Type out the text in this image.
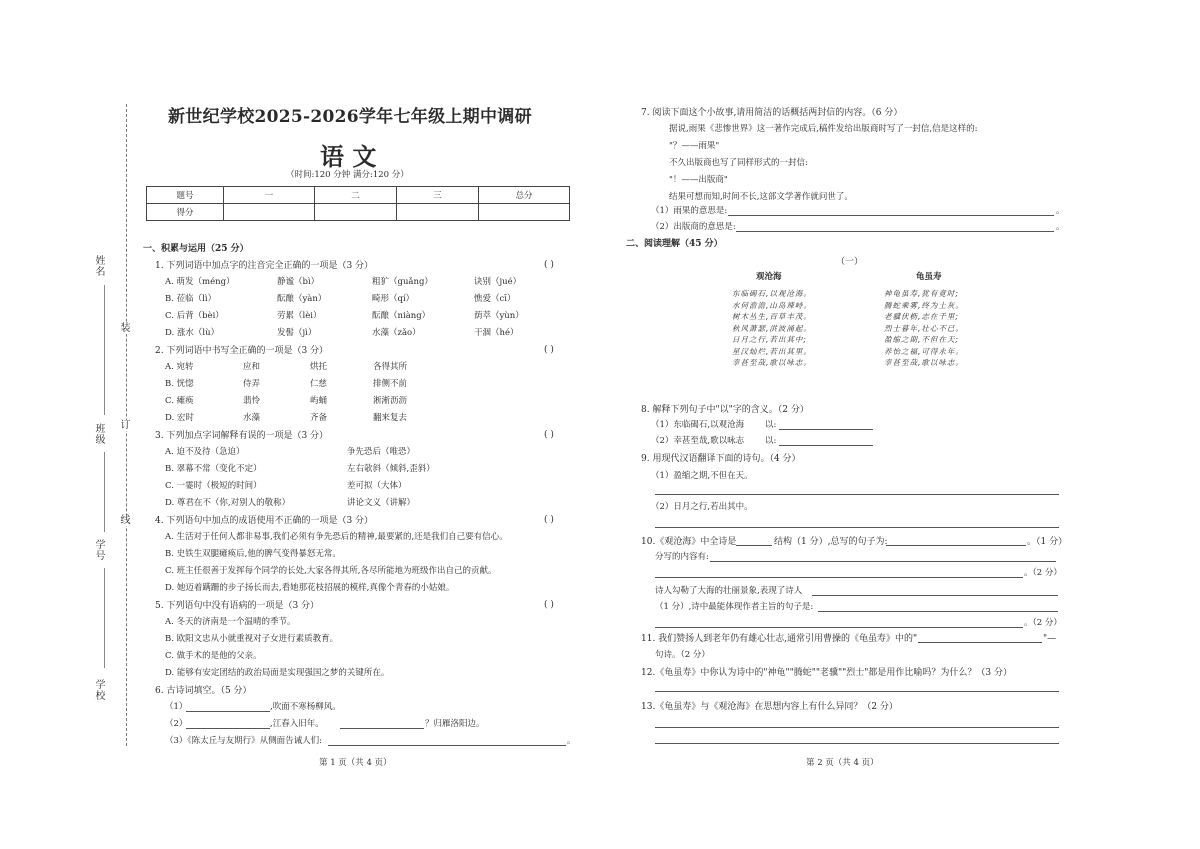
姓名
班级
学号
学校
装
订
线
新世纪学校2025-2026学年七年级上期中调研
语 文
（时间:120 分钟 满分:120 分）
题号	一	二	三	总分
得分				
一、积累与运用（25 分）
1. 下列词语中加点字的注音完全正确的一项是（3 分）	( )
A. 萌发（méng）	静谧（bì）	粗犷（guǎng）	诀别（jué）
B. 莅临（lì）	酝酿（yàn）	畸形（qí）	憔爱（cī）
C. 后背（bèi）	劳累（lèi）	酝酿（niàng）	荫萃（yùn）
D. 涨水（lù）	发髻（jì）	水藻（zǎo）	干涸（hé）
2. 下列词语中书写全正确的一项是（3 分）	( )
A. 宛转	应和	烘托	各得其所
B. 恍惚	侍弄	仁慈	排侧不前
C. 瘫痪	翡怜	屿蛹	淅淅沥沥
D. 宏时	水藻	齐备	翻来复去
3. 下列加点字词解释有误的一项是（3 分）	( )
A. 迫不及待（急迫）	争先恐后（唯恐）
B. 翠幕不常（变化不定）	左右欹斜（倾斜,歪斜）
C. 一霎时（极短的时间）	差可拟（大体）
D. 尊君在不（你,对别人的敬称）	讲论文义（讲解）
4. 下列语句中加点的成语使用不正确的一项是（3 分）	( )
A. 生活对于任何人都非易事,我们必须有争先恐后的精神,最要紧的,还是我们自己要有信心。
B. 史铁生双腿瘫痪后,他的脾气变得暴怒无常。
C. 班主任很善于发挥每个同学的长处,大家各得其所,各尽所能地为班级作出自己的贡献。
D. 她迈着蹒跚的步子扬长而去,看她那花枝招展的模样,真像个青春的小姑娘。
5. 下列语句中没有语病的一项是（3 分）	( )
A. 冬天的济南是一个温晴的季节。
B. 欧阳文忠从小就重视对子女进行素质教育。
C. 做手术的是他的父亲。
D. 能够有安定团结的政治局面是实现强国之梦的关键所在。
6. 古诗词填空。（5 分）
（1）	,吹面不寒杨柳风。
（2）	,江春入旧年。	？归雁洛阳边。
（3）《陈太丘与友期行》从侧面告诫人们:	。
第 1 页（共 4 页）
7. 阅读下面这个小故事,请用简洁的话概括两封信的内容。（6 分）
据说,雨果《悲惨世界》这一著作完成后,稿件发给出版商时写了一封信,信是这样的:
"？——雨果"
不久出版商也写了同样形式的一封信:
"！——出版商"
结果可想而知,时间不长,这部文学著作就问世了。
（1）雨果的意思是:	。
（2）出版商的意思是:	。
二、阅读理解（45 分）
（一）
观沧海	龟虽寿
东临碣石,以观沧海。
水何澹澹,山岛竦峙。
树木丛生,百草丰茂。
秋风萧瑟,洪波涌起。
日月之行,若出其中;
星汉灿烂,若出其里。
幸甚至哉,歌以咏志。
神龟虽寿,犹有竟时;
腾蛇乘雾,终为土灰。
老骥伏枥,志在千里;
烈士暮年,壮心不已。
盈缩之期,不但在天;
养怡之福,可得永年。
幸甚至哉,歌以咏志。
8. 解释下列句子中"以"字的含义。（2 分）
（1）东临碣石,以观沧海 以:
（2）幸甚至哉,歌以咏志 以:
9. 用现代汉语翻译下面的诗句。（4 分）
（1）盈缩之期,不但在天。
（2）日月之行,若出其中。
10.《观沧海》中全诗是	结构（1 分）,总写的句子为:	。（1 分）
分写的内容有:
。（2 分）
诗人勾勒了大海的壮丽景象,表现了诗人
（1 分）,诗中最能体现作者主旨的句子是:
。（2 分）
11. 我们赞扬人到老年仍有雄心壮志,通常引用曹操的《龟虽寿》中的"	"—
句诗。（2 分）
12.《龟虽寿》中你认为诗中的"神龟""腾蛇""老骥""烈士"都是用作比喻吗？为什么？（3 分）
13.《龟虽寿》与《观沧海》在思想内容上有什么异同？（2 分）
第 2 页（共 4 页）
